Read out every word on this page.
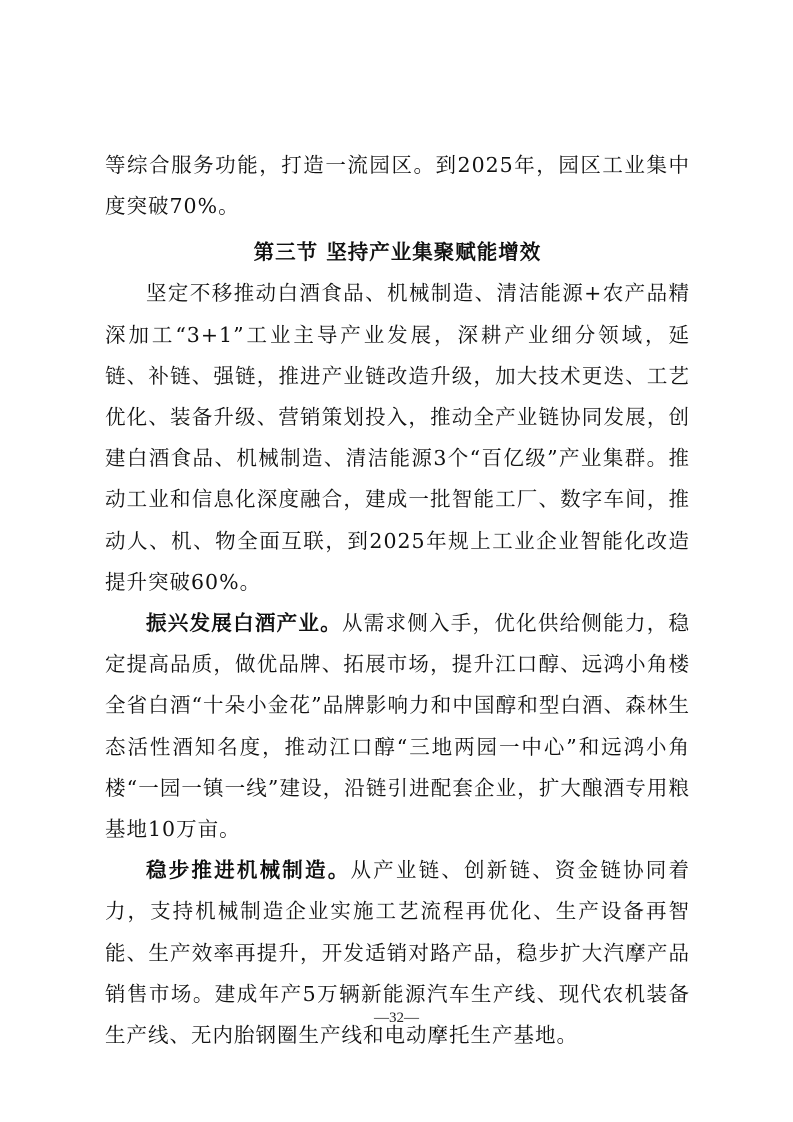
等综合服务功能，打造一流园区。到2025年，园区工业集中度突破70%。

第三节 坚持产业集聚赋能增效

坚定不移推动白酒食品、机械制造、清洁能源+农产品精深加工“3+1”工业主导产业发展，深耕产业细分领域，延链、补链、强链，推进产业链改造升级，加大技术更迭、工艺优化、装备升级、营销策划投入，推动全产业链协同发展，创建白酒食品、机械制造、清洁能源3个“百亿级”产业集群。推动工业和信息化深度融合，建成一批智能工厂、数字车间，推动人、机、物全面互联，到2025年规上工业企业智能化改造提升突破60%。

振兴发展白酒产业。从需求侧入手，优化供给侧能力，稳定提高品质，做优品牌、拓展市场，提升江口醇、远鸿小角楼全省白酒“十朵小金花”品牌影响力和中国醇和型白酒、森林生态活性酒知名度，推动江口醇“三地两园一中心”和远鸿小角楼“一园一镇一线”建设，沿链引进配套企业，扩大酿酒专用粮基地10万亩。

稳步推进机械制造。从产业链、创新链、资金链协同着力，支持机械制造企业实施工艺流程再优化、生产设备再智能、生产效率再提升，开发适销对路产品，稳步扩大汽摩产品销售市场。建成年产5万辆新能源汽车生产线、现代农机装备生产线、无内胎钢圈生产线和电动摩托生产基地。

—32—
